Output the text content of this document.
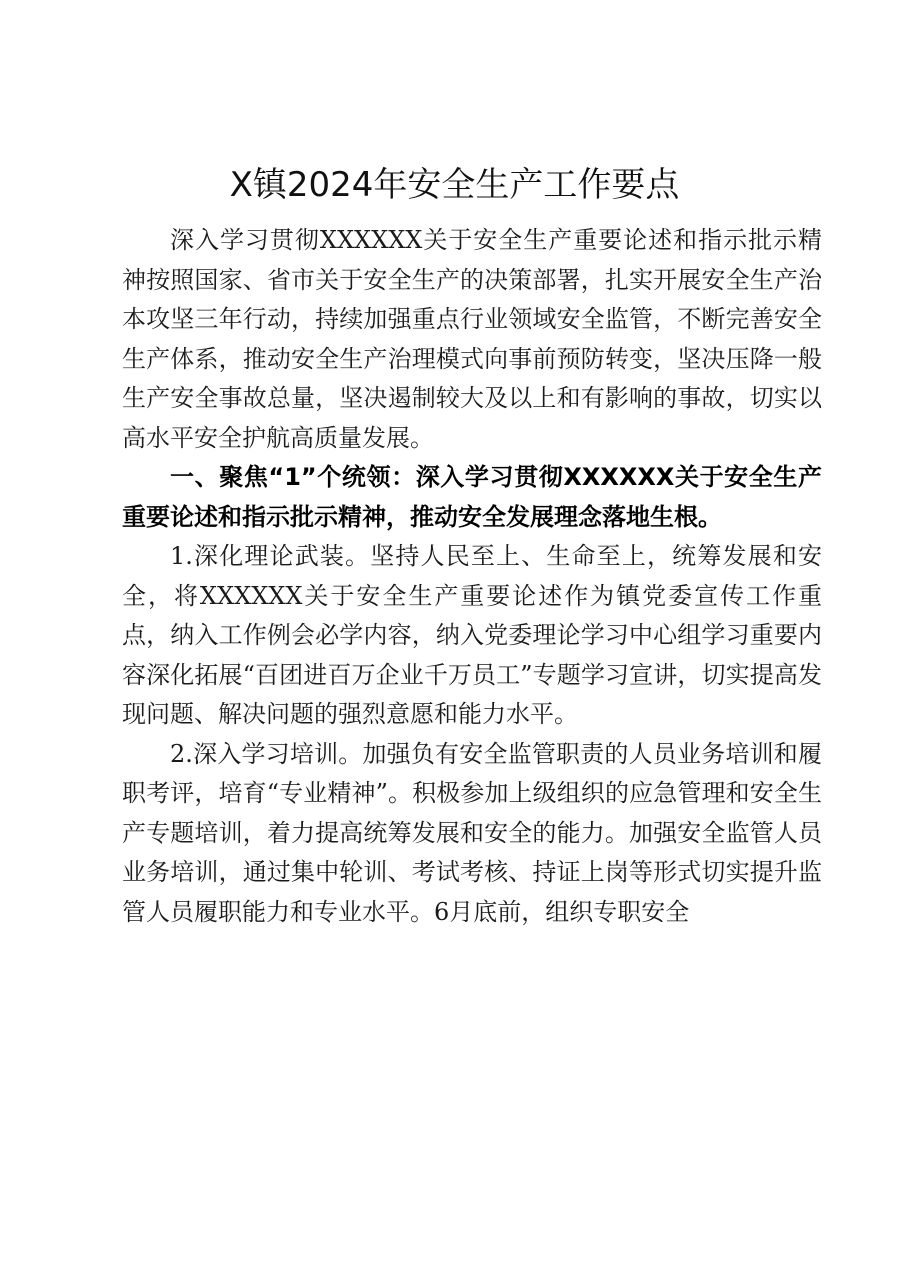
X镇2024年安全生产工作要点

深入学习贯彻XXXXXX关于安全生产重要论述和指示批示精神按照国家、省市关于安全生产的决策部署，扎实开展安全生产治本攻坚三年行动，持续加强重点行业领域安全监管，不断完善安全生产体系，推动安全生产治理模式向事前预防转变，坚决压降一般生产安全事故总量，坚决遏制较大及以上和有影响的事故，切实以高水平安全护航高质量发展。

一、聚焦“1”个统领：深入学习贯彻XXXXXX关于安全生产重要论述和指示批示精神，推动安全发展理念落地生根。

1.深化理论武装。坚持人民至上、生命至上，统筹发展和安全，将XXXXXX关于安全生产重要论述作为镇党委宣传工作重点，纳入工作例会必学内容，纳入党委理论学习中心组学习重要内容深化拓展“百团进百万企业千万员工”专题学习宣讲，切实提高发现问题、解决问题的强烈意愿和能力水平。

2.深入学习培训。加强负有安全监管职责的人员业务培训和履职考评，培育“专业精神”。积极参加上级组织的应急管理和安全生产专题培训，着力提高统筹发展和安全的能力。加强安全监管人员业务培训，通过集中轮训、考试考核、持证上岗等形式切实提升监管人员履职能力和专业水平。6月底前，组织专职安全
